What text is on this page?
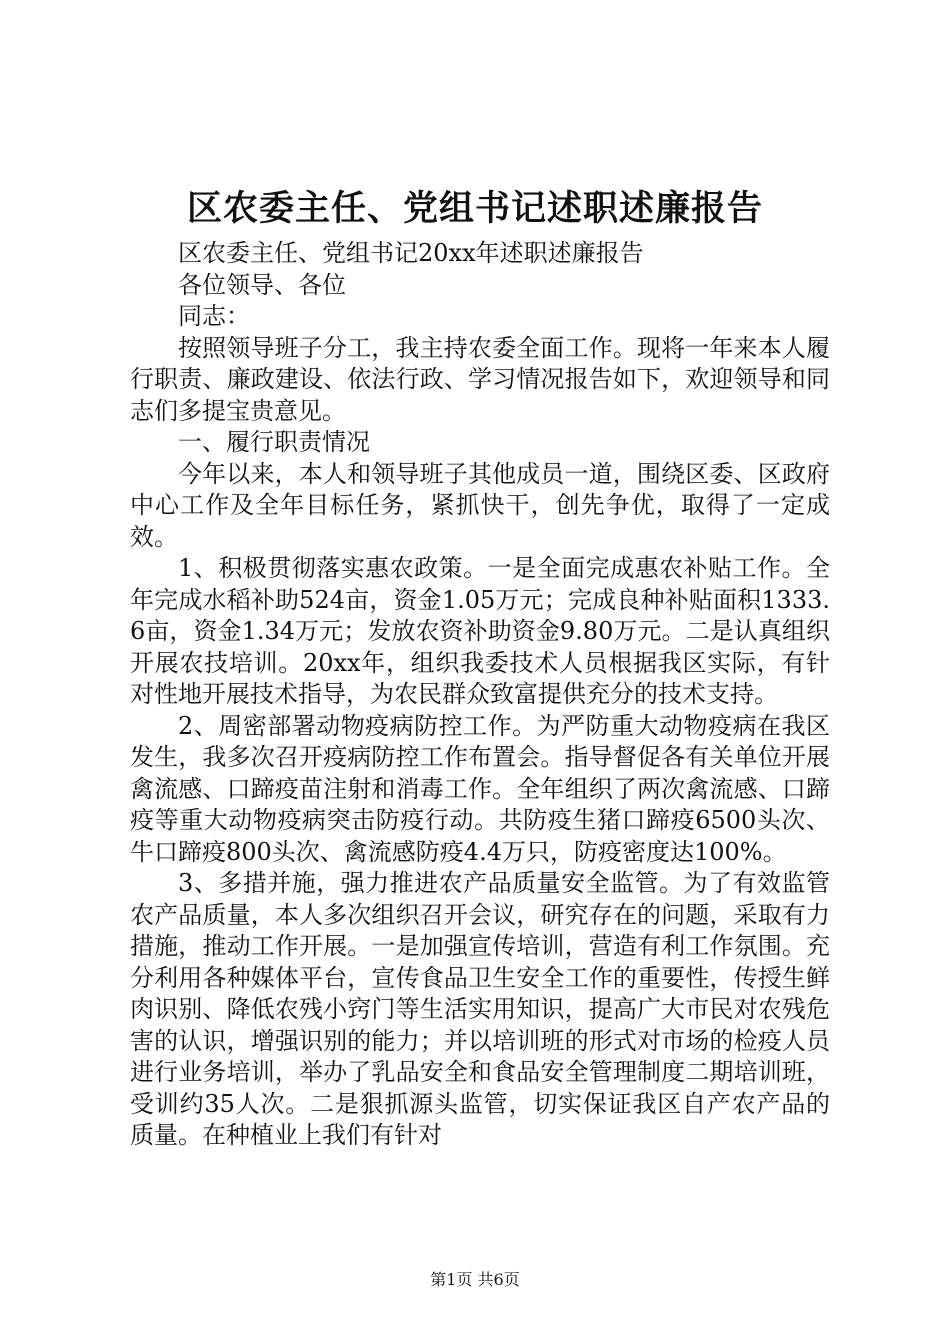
区农委主任、党组书记述职述廉报告

区农委主任、党组书记20xx年述职述廉报告

各位领导、各位

同志：

按照领导班子分工，我主持农委全面工作。现将一年来本人履行职责、廉政建设、依法行政、学习情况报告如下，欢迎领导和同志们多提宝贵意见。

一、履行职责情况

今年以来，本人和领导班子其他成员一道，围绕区委、区政府中心工作及全年目标任务，紧抓快干，创先争优，取得了一定成效。

1、积极贯彻落实惠农政策。一是全面完成惠农补贴工作。全年完成水稻补助524亩，资金1.05万元；完成良种补贴面积1333.6亩，资金1.34万元；发放农资补助资金9.80万元。二是认真组织开展农技培训。20xx年，组织我委技术人员根据我区实际，有针对性地开展技术指导，为农民群众致富提供充分的技术支持。

2、周密部署动物疫病防控工作。为严防重大动物疫病在我区发生，我多次召开疫病防控工作布置会。指导督促各有关单位开展禽流感、口蹄疫苗注射和消毒工作。全年组织了两次禽流感、口蹄疫等重大动物疫病突击防疫行动。共防疫生猪口蹄疫6500头次、牛口蹄疫800头次、禽流感防疫4.4万只，防疫密度达100%。

3、多措并施，强力推进农产品质量安全监管。为了有效监管农产品质量，本人多次组织召开会议，研究存在的问题，采取有力措施，推动工作开展。一是加强宣传培训，营造有利工作氛围。充分利用各种媒体平台，宣传食品卫生安全工作的重要性，传授生鲜肉识别、降低农残小窍门等生活实用知识，提高广大市民对农残危害的认识，增强识别的能力；并以培训班的形式对市场的检疫人员进行业务培训，举办了乳品安全和食品安全管理制度二期培训班，受训约35人次。二是狠抓源头监管，切实保证我区自产农产品的质量。在种植业上我们有针对

第1页 共6页
